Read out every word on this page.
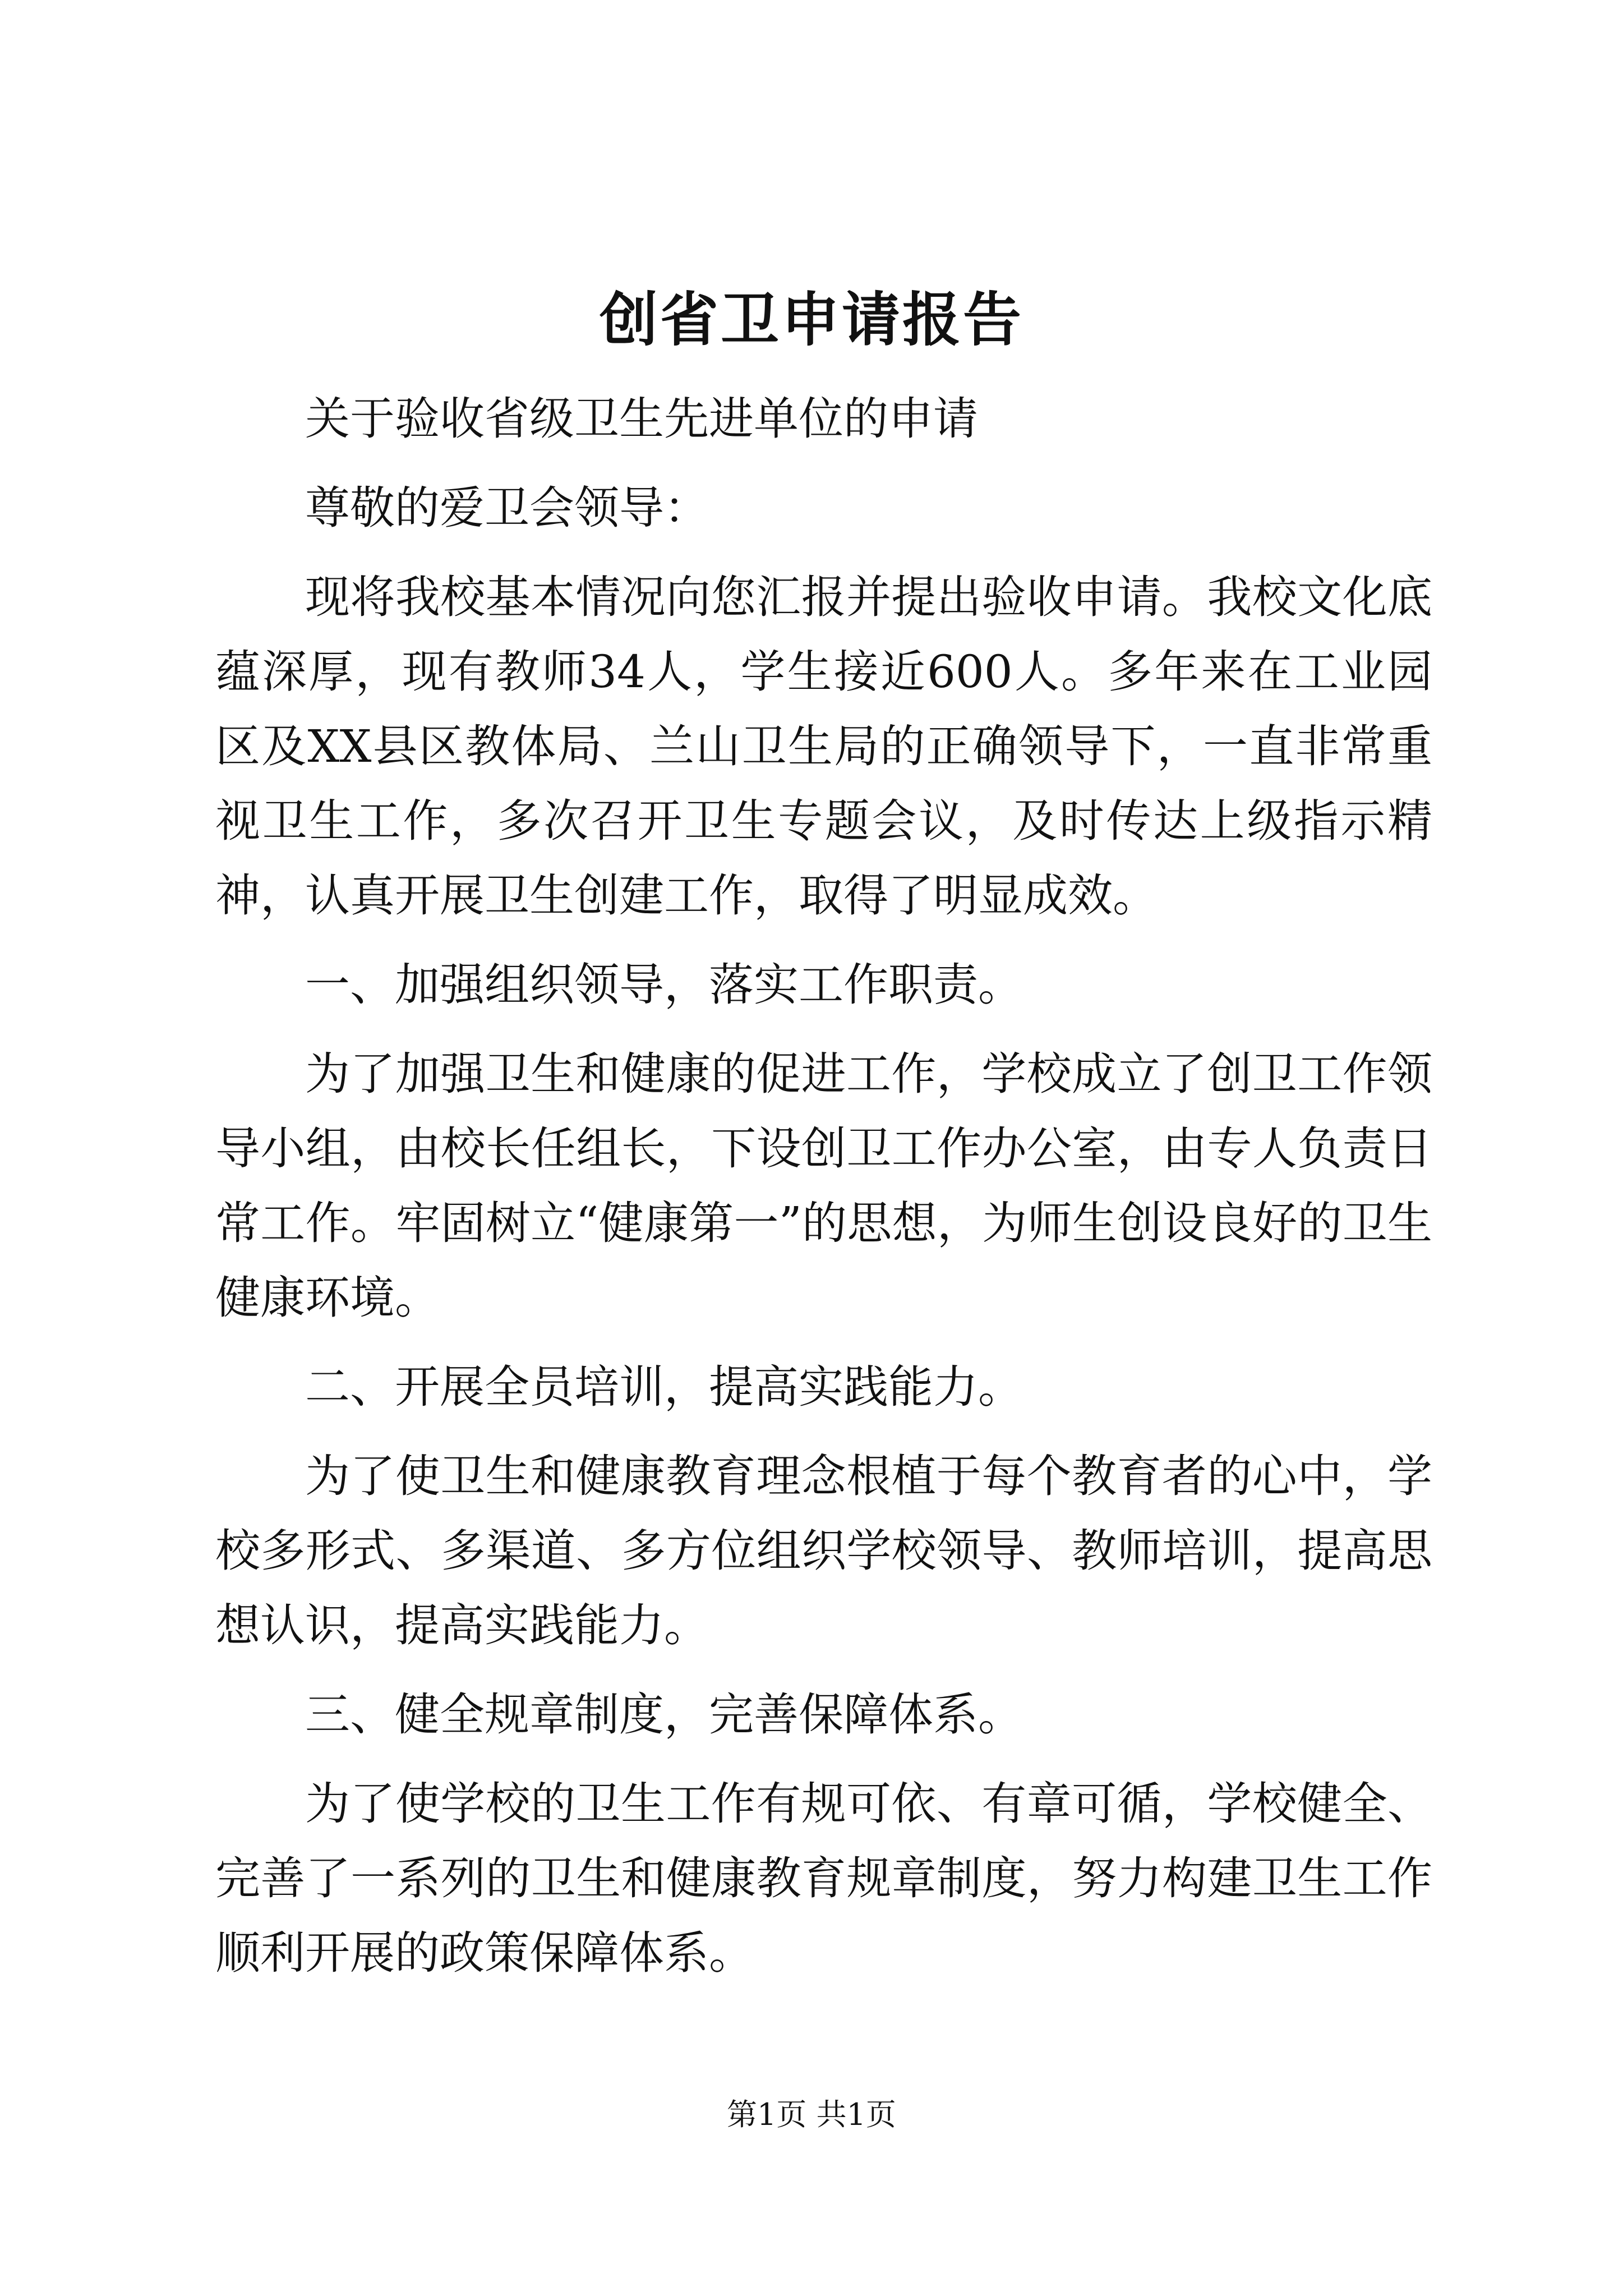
创省卫申请报告

关于验收省级卫生先进单位的申请

尊敬的爱卫会领导：

现将我校基本情况向您汇报并提出验收申请。我校文化底蕴深厚，现有教师34人，学生接近600人。多年来在工业园区及XX县区教体局、兰山卫生局的正确领导下，一直非常重视卫生工作，多次召开卫生专题会议，及时传达上级指示精神，认真开展卫生创建工作，取得了明显成效。

一、加强组织领导，落实工作职责。

为了加强卫生和健康的促进工作，学校成立了创卫工作领导小组，由校长任组长，下设创卫工作办公室，由专人负责日常工作。牢固树立“健康第一”的思想，为师生创设良好的卫生健康环境。

二、开展全员培训，提高实践能力。

为了使卫生和健康教育理念根植于每个教育者的心中，学校多形式、多渠道、多方位组织学校领导、教师培训，提高思想认识，提高实践能力。

三、健全规章制度，完善保障体系。

为了使学校的卫生工作有规可依、有章可循，学校健全、完善了一系列的卫生和健康教育规章制度，努力构建卫生工作顺利开展的政策保障体系。

第1页 共1页
